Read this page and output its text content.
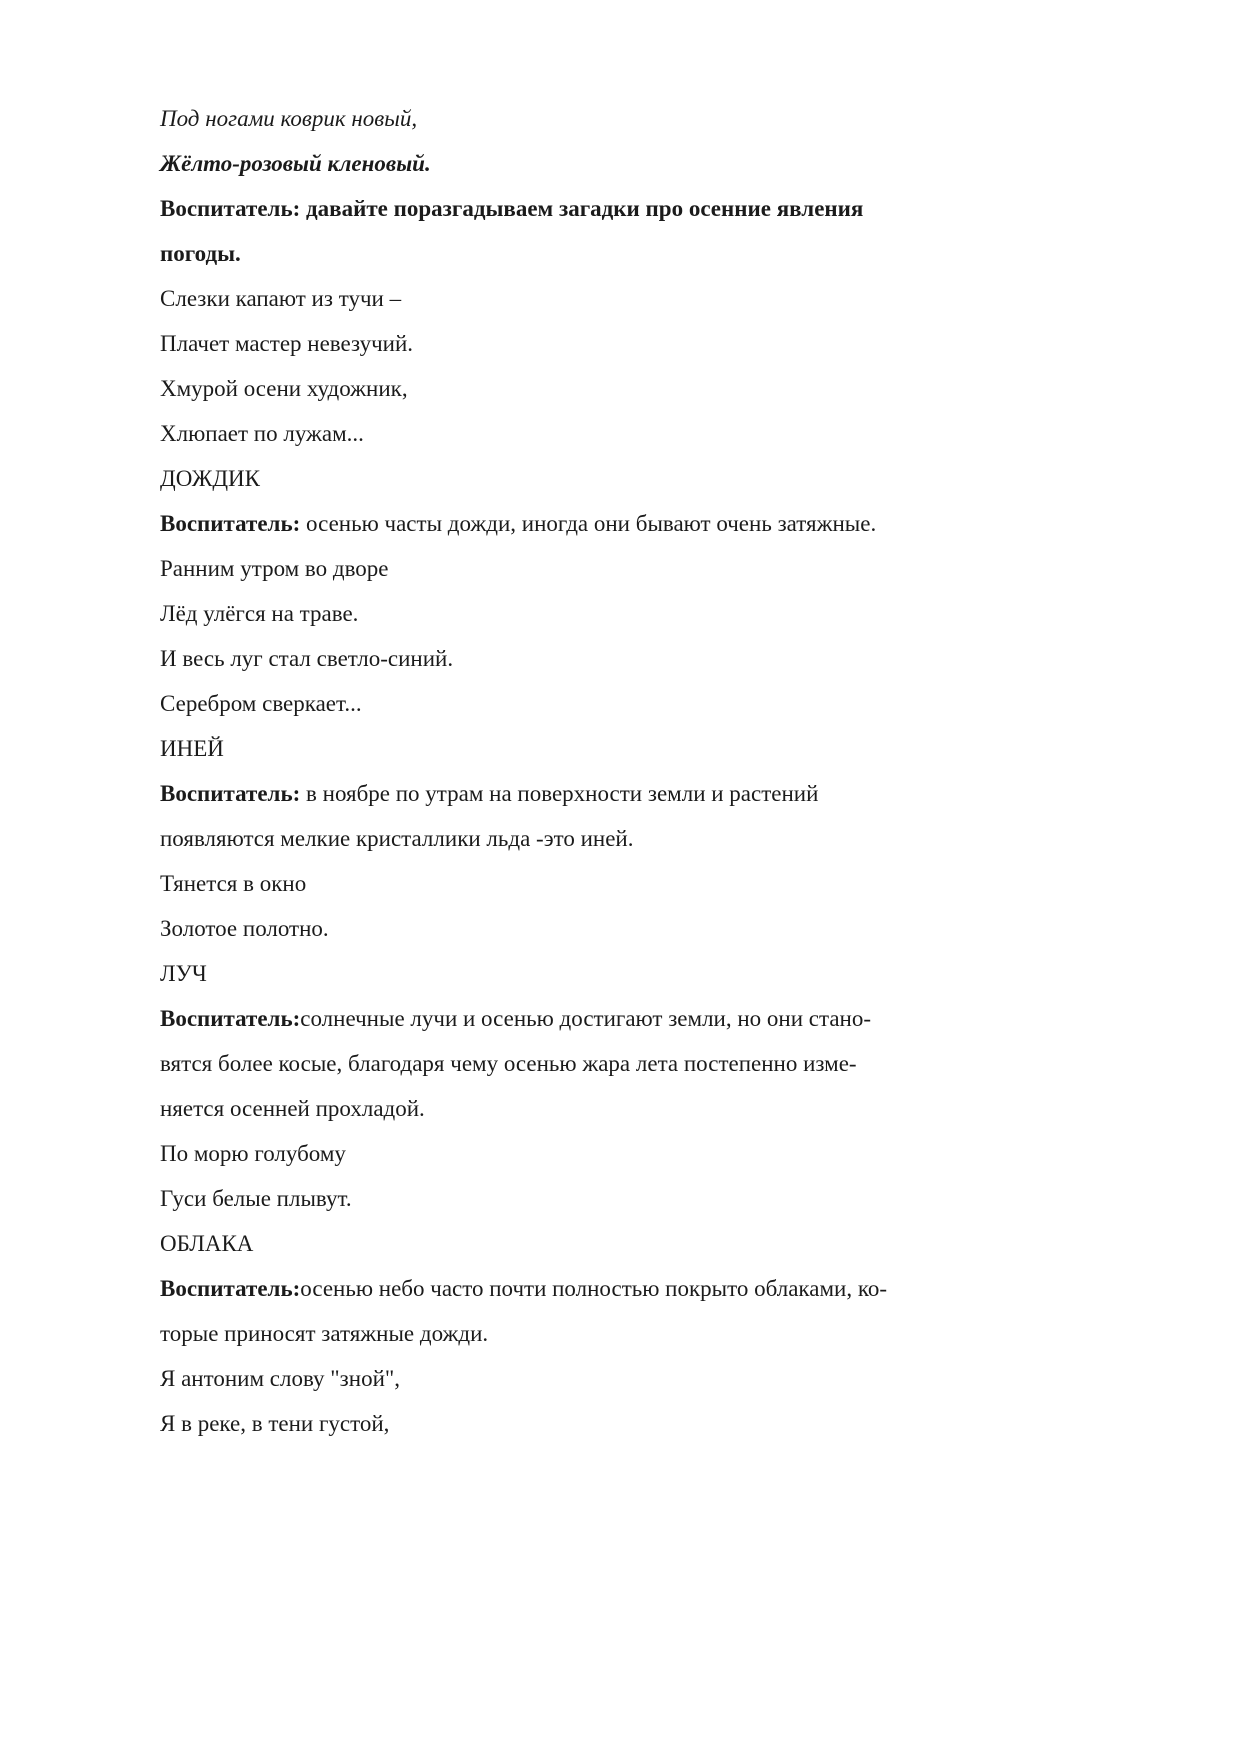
Под ногами коврик новый,

Жёлто-розовый кленовый.

Воспитатель: давайте поразгадываем загадки про осенние явления

погоды.

Слезки капают из тучи –

Плачет мастер невезучий.

Хмурой осени художник,

Хлюпает по лужам...

ДОЖДИК

Воспитатель: осенью часты дожди, иногда они бывают очень затяжные.

Ранним утром во дворе

Лёд улёгся на траве.

И весь луг стал светло-синий.

Серебром сверкает...

ИНЕЙ

Воспитатель: в ноябре по утрам на поверхности земли и растений

появляются мелкие кристаллики льда -это иней.

Тянется в окно

Золотое полотно.

ЛУЧ

Воспитатель:солнечные лучи и осенью достигают земли, но они стано-

вятся более косые, благодаря чему осенью жара лета постепенно изме-

няется осенней прохладой.

По морю голубому

Гуси белые плывут.

ОБЛАКА

Воспитатель:осенью небо часто почти полностью покрыто облаками, ко-

торые приносят затяжные дожди.

Я антоним слову "зной",

Я в реке, в тени густой,
